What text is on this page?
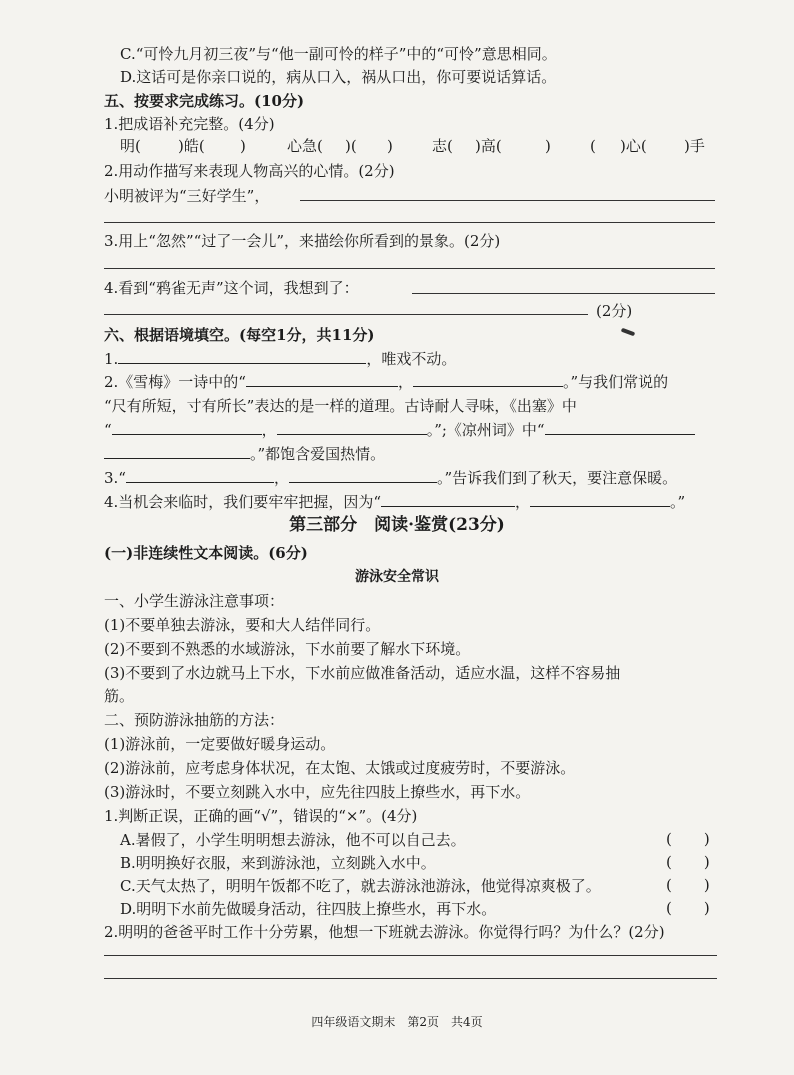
C.“可怜九月初三夜”与“他一副可怜的样子”中的“可怜”意思相同。
D.这话可是你亲口说的，病从口入，祸从口出，你可要说话算话。
五、按要求完成练习。(10分)
1.把成语补充完整。(4分)
明( )皓( )	心急( )( )	志( )高(	)	( )心( )手
2.用动作描写来表现人物高兴的心情。(2分)
小明被评为“三好学生”，
3.用上“忽然”“过了一会儿”，来描绘你所看到的景象。(2分)
4.看到“鸦雀无声”这个词，我想到了：
(2分)
六、根据语境填空。(每空1分，共11分)
1.	，唯戏不动。
2.《雪梅》一诗中的“	，	。”与我们常说的
“尺有所短，寸有所长”表达的是一样的道理。古诗耐人寻味，《出塞》中
“	，	。”;《凉州词》中“
。”都饱含爱国热情。
3.“	，	。”告诉我们到了秋天，要注意保暖。
4.当机会来临时，我们要牢牢把握，因为“	，	。”
第三部分　阅读·鉴赏(23分)
(一)非连续性文本阅读。(6分)
游泳安全常识
一、小学生游泳注意事项：
(1)不要单独去游泳，要和大人结伴同行。
(2)不要到不熟悉的水域游泳，下水前要了解水下环境。
(3)不要到了水边就马上下水，下水前应做准备活动，适应水温，这样不容易抽
筋。
二、预防游泳抽筋的方法：
(1)游泳前，一定要做好暖身运动。
(2)游泳前，应考虑身体状况，在太饱、太饿或过度疲劳时，不要游泳。
(3)游泳时，不要立刻跳入水中，应先往四肢上撩些水，再下水。
1.判断正误，正确的画“√”，错误的“×”。(4分)
A.暑假了，小学生明明想去游泳，他不可以自己去。	( )
B.明明换好衣服，来到游泳池，立刻跳入水中。	( )
C.天气太热了，明明午饭都不吃了，就去游泳池游泳，他觉得凉爽极了。	( )
D.明明下水前先做暖身活动，往四肢上撩些水，再下水。	( )
2.明明的爸爸平时工作十分劳累，他想一下班就去游泳。你觉得行吗？为什么？(2分)
四年级语文期末　第2页　共4页
